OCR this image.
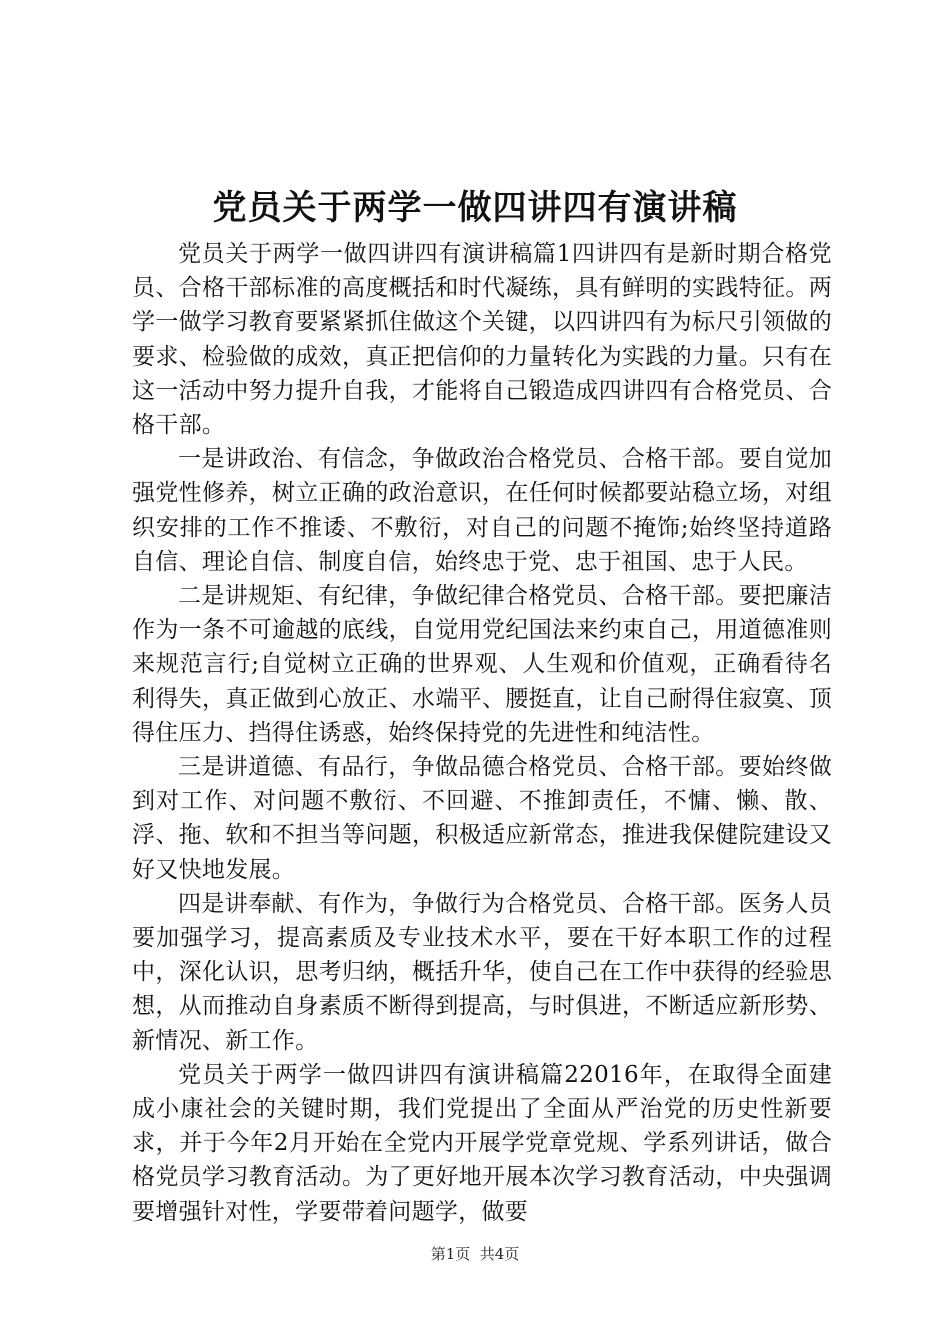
党员关于两学一做四讲四有演讲稿

党员关于两学一做四讲四有演讲稿篇1四讲四有是新时期合格党员、合格干部标准的高度概括和时代凝练，具有鲜明的实践特征。两学一做学习教育要紧紧抓住做这个关键，以四讲四有为标尺引领做的要求、检验做的成效，真正把信仰的力量转化为实践的力量。只有在这一活动中努力提升自我，才能将自己锻造成四讲四有合格党员、合格干部。

一是讲政治、有信念，争做政治合格党员、合格干部。要自觉加强党性修养，树立正确的政治意识，在任何时候都要站稳立场，对组织安排的工作不推诿、不敷衍，对自己的问题不掩饰;始终坚持道路自信、理论自信、制度自信，始终忠于党、忠于祖国、忠于人民。

二是讲规矩、有纪律，争做纪律合格党员、合格干部。要把廉洁作为一条不可逾越的底线，自觉用党纪国法来约束自己，用道德准则来规范言行;自觉树立正确的世界观、人生观和价值观，正确看待名利得失，真正做到心放正、水端平、腰挺直，让自己耐得住寂寞、顶得住压力、挡得住诱惑，始终保持党的先进性和纯洁性。

三是讲道德、有品行，争做品德合格党员、合格干部。要始终做到对工作、对问题不敷衍、不回避、不推卸责任，不慵、懒、散、浮、拖、软和不担当等问题，积极适应新常态，推进我保健院建设又好又快地发展。

四是讲奉献、有作为，争做行为合格党员、合格干部。医务人员要加强学习，提高素质及专业技术水平，要在干好本职工作的过程中，深化认识，思考归纳，概括升华，使自己在工作中获得的经验思想，从而推动自身素质不断得到提高，与时俱进，不断适应新形势、新情况、新工作。

党员关于两学一做四讲四有演讲稿篇22016年，在取得全面建成小康社会的关键时期，我们党提出了全面从严治党的历史性新要求，并于今年2月开始在全党内开展学党章党规、学系列讲话，做合格党员学习教育活动。为了更好地开展本次学习教育活动，中央强调要增强针对性，学要带着问题学，做要

第1页  共4页
